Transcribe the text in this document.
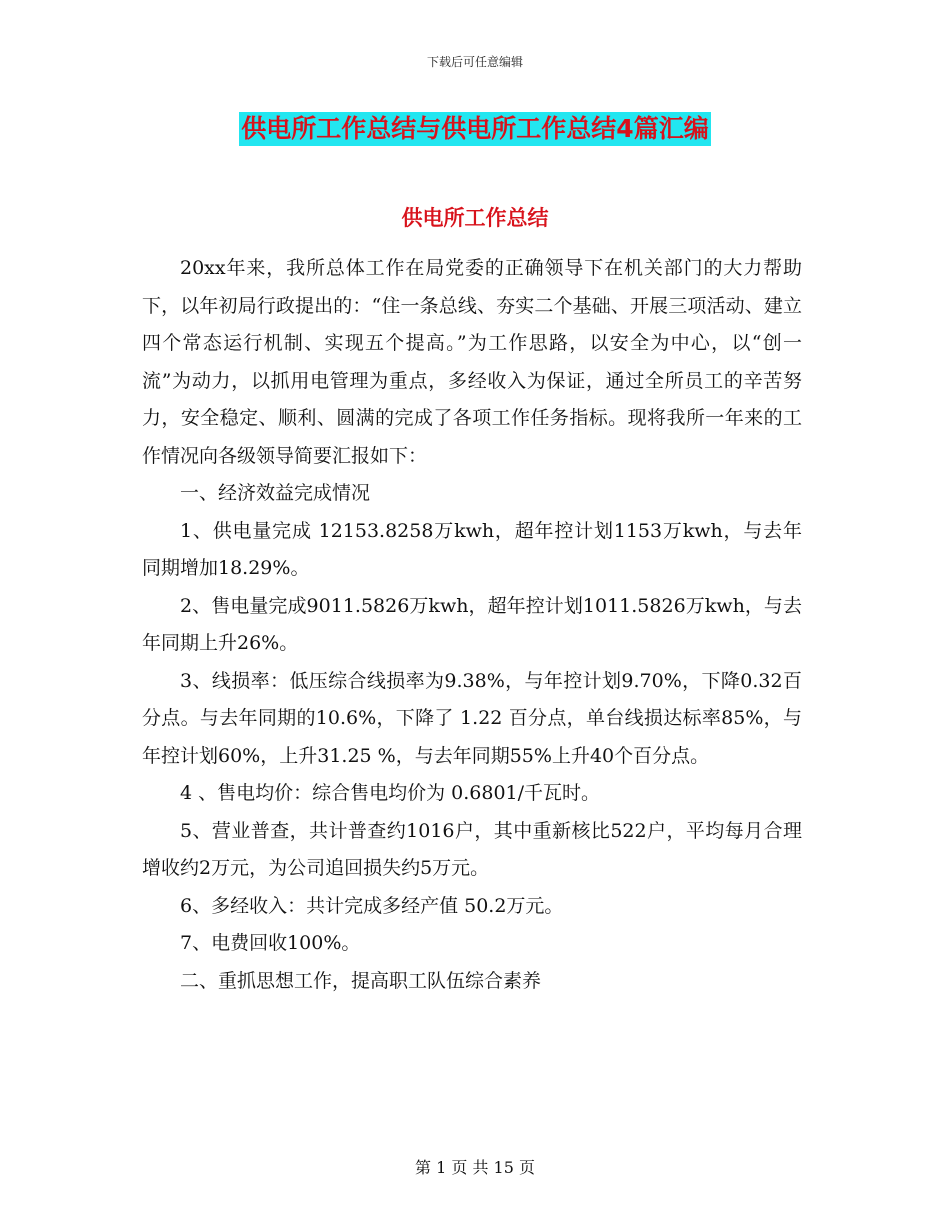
下载后可任意编辑
供电所工作总结与供电所工作总结4篇汇编
供电所工作总结

20xx年来，我所总体工作在局党委的正确领导下在机关部门的大力帮助下，以年初局行政提出的：“住一条总线、夯实二个基础、开展三项活动、建立四个常态运行机制、实现五个提高。”为工作思路，以安全为中心，以“创一流”为动力，以抓用电管理为重点，多经收入为保证，通过全所员工的辛苦努力，安全稳定、顺利、圆满的完成了各项工作任务指标。现将我所一年来的工作情况向各级领导简要汇报如下：

一、经济效益完成情况

1、供电量完成 12153.8258万kwh，超年控计划1153万kwh，与去年同期增加18.29%。

2、售电量完成9011.5826万kwh，超年控计划1011.5826万kwh，与去年同期上升26%。

3、线损率：低压综合线损率为9.38%，与年控计划9.70%，下降0.32百分点。与去年同期的10.6%，下降了 1.22 百分点，单台线损达标率85%，与年控计划60%，上升31.25 %，与去年同期55%上升40个百分点。

4 、售电均价：综合售电均价为 0.6801/千瓦时。

5、营业普查，共计普查约1016户，其中重新核比522户，平均每月合理增收约2万元，为公司追回损失约5万元。

6、多经收入：共计完成多经产值 50.2万元。

7、电费回收100%。

二、重抓思想工作，提高职工队伍综合素养

第 1 页 共 15 页
